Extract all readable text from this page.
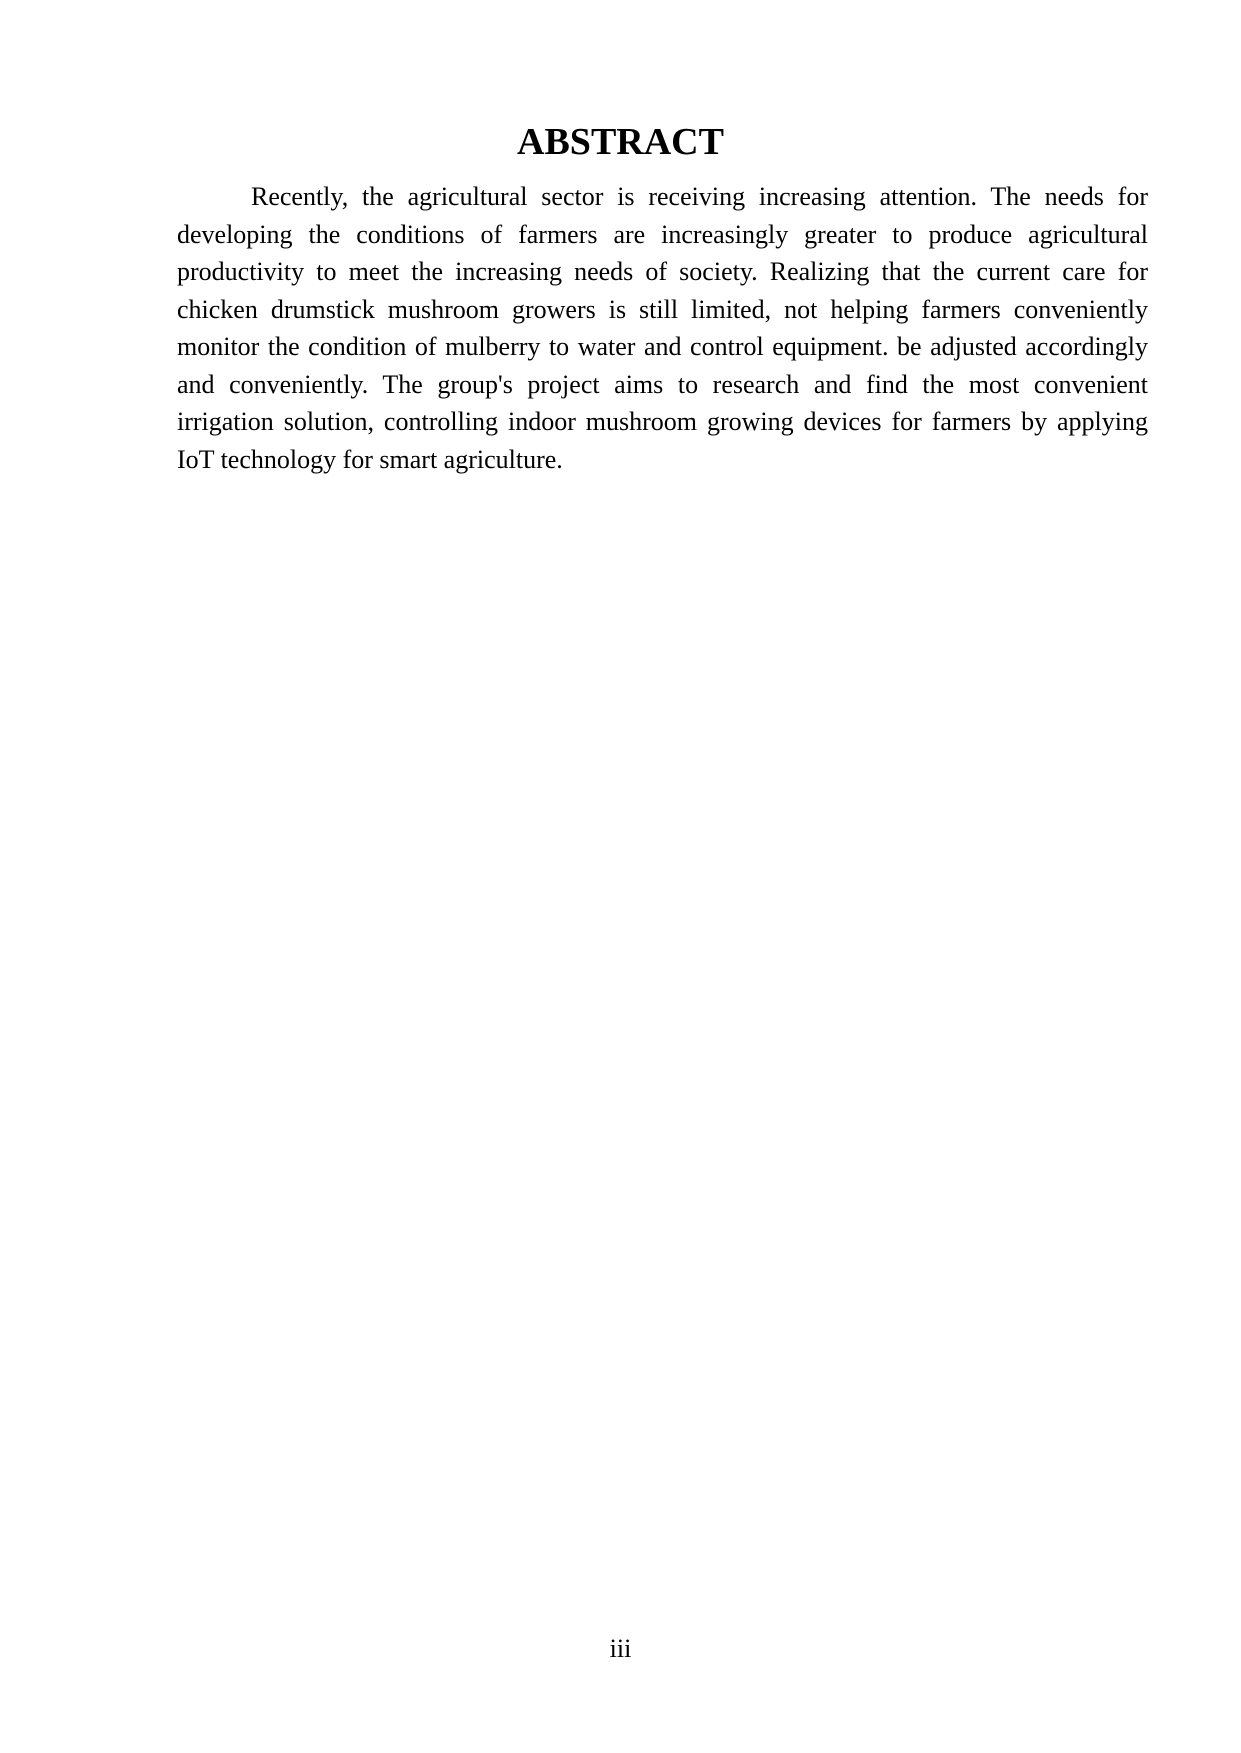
ABSTRACT

Recently, the agricultural sector is receiving increasing attention. The needs for developing the conditions of farmers are increasingly greater to produce agricultural productivity to meet the increasing needs of society. Realizing that the current care for chicken drumstick mushroom growers is still limited, not helping farmers conveniently monitor the condition of mulberry to water and control equipment. be adjusted accordingly and conveniently. The group's project aims to research and find the most convenient irrigation solution, controlling indoor mushroom growing devices for farmers by applying IoT technology for smart agriculture.

iii
